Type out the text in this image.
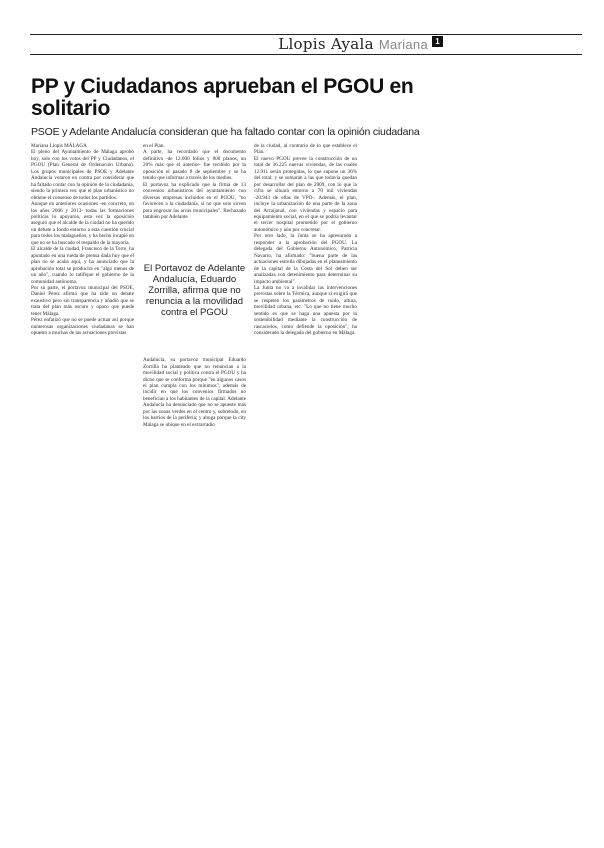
Llopis Ayala Mariana 1
PP y Ciudadanos aprueban el PGOU en solitario
PSOE y Adelante Andalucía consideran que ha faltado contar con la opinión ciudadana

Mariana Llopis MÁLAGA

El pleno del Ayuntamiento de Málaga aprobó hoy, solo con los votos del PP y Ciudadanos, el PGOU (Plan General de Ordenación Urbana). Los grupos municipales de PSOE y Adelante Andalucía votaron en contra por considerar que ha faltado contar con la opinión de la ciudadanía, siendo la primera vez que el plan urbanístico no obtiene el consenso de todos los partidos.

Aunque en anteriores ocasiones -en concreto, en los años 2006 y 2013- todas las formaciones políticas lo apoyaron, esta vez la oposición aseguró que el alcalde de la ciudad no ha querido un debate a fondo entorno a esta cuestión crucial para todos los malagueños, y ha hecho incapié en que no se ha buscado el respaldo de la mayoría.

El alcalde de la ciudad, Francisco de la Torre, ha apuntado en una rueda de prensa dada hoy que el plan no se acaba aquí, y ha anunciado que la aprobación total se producirá en "algo menos de un año", cuando lo ratifique el gobierno de la comunidad autónoma.

Por su parte, el portavoz municipal del PSOE, Daniel Pérez afirmó que ha sido un debate exaustivo pero sin transparencia y añadió que se trata del plan más oscuro y opaco que puede tener Málaga.

Pérez enfatizó que no se puede actuar así porque numerosas organizaciones ciudadanas se han opuesto a muchas de las actuaciones previstas

en el Plan.

A parte, ha recordado que el documento definitivo -de 12.000 folios y 800 planos, un 20% más que el anterior- fue recibido por la oposición el pasado 8 de septiembre y se ha tenido que informar a través de los medios.

El portavoz ha explicado que la firma de 13 convenios urbanísticos del ayuntamiento con diversas empresas incluidos en el PGOU, "no favorecen a la ciudadanía, si no que solo sirven para engrosar las arcas municipales". Rechazado también por Adelante

El Portavoz de Adelante Andalucía, Eduardo Zorrilla, afirma que no renuncia a la movilidad contra el PGOU

Andalucía, su portavoz municipal Eduardo Zorrilla ha planteado que no renuncian a la movilidad social y política contra el PGOU y ha dicho que se conforma porque "en algunos casos el plan cumpla con los mínimos", además de incidir en que los convenios firmados no benefician a los habitantes de la capital. Adelante Andalucía ha denunciado que no se apueste más por las zonas verdes en el centro y, sobretodo, en los barrios de la periferia; y aboga porque la city Málaga se ubique en el extrarradio

de la ciudad, al contrario de lo que establece el Plan.

El nuevo PGOU prevee la construcción de un total de 36.225 nuevas viviendas, de las cuales 12.911 serán protegidas, lo que supone un 36% del total; y se sumarán a las que todavía quedan por desarrollar del plan de 2009, con lo que la cifra se situará entorno a 70 mil viviendas -20.943 de ellas de VPO-. Además, el plan, incluye la urbanización de una parte de la zona del Arraijanal, con viviendas y espacio para equipamiento social, en el que se podría levantar el tercer hospital prometido por el gobierno autonómico y aún por concretar.

Por otro lado, la Junta se ha apresurado a responder a la aprobación del PGOU. La delegada del Gobierno Autonómico, Patricia Navarro, ha afirmado: "buena parte de las actuaciones estrella dibujadas en el planeamiento de la capital de la Costa del Sol deben ser analizadas con detenimiento para determinar su impacto ambiental".

La Junta no va a invalidar las intervenciones previstas sobre la Térmica, aunque sí exigirá que se respeten los parámetros de ruido, altura, movilidad urbana, etc. "Lo que no tiene mucho sentido es que se haga una apuesta por la sostenibilidad mediante la construcción de rascacielos, como defiende la oposición", ha considerado la delegada del gobierno en Málaga.
